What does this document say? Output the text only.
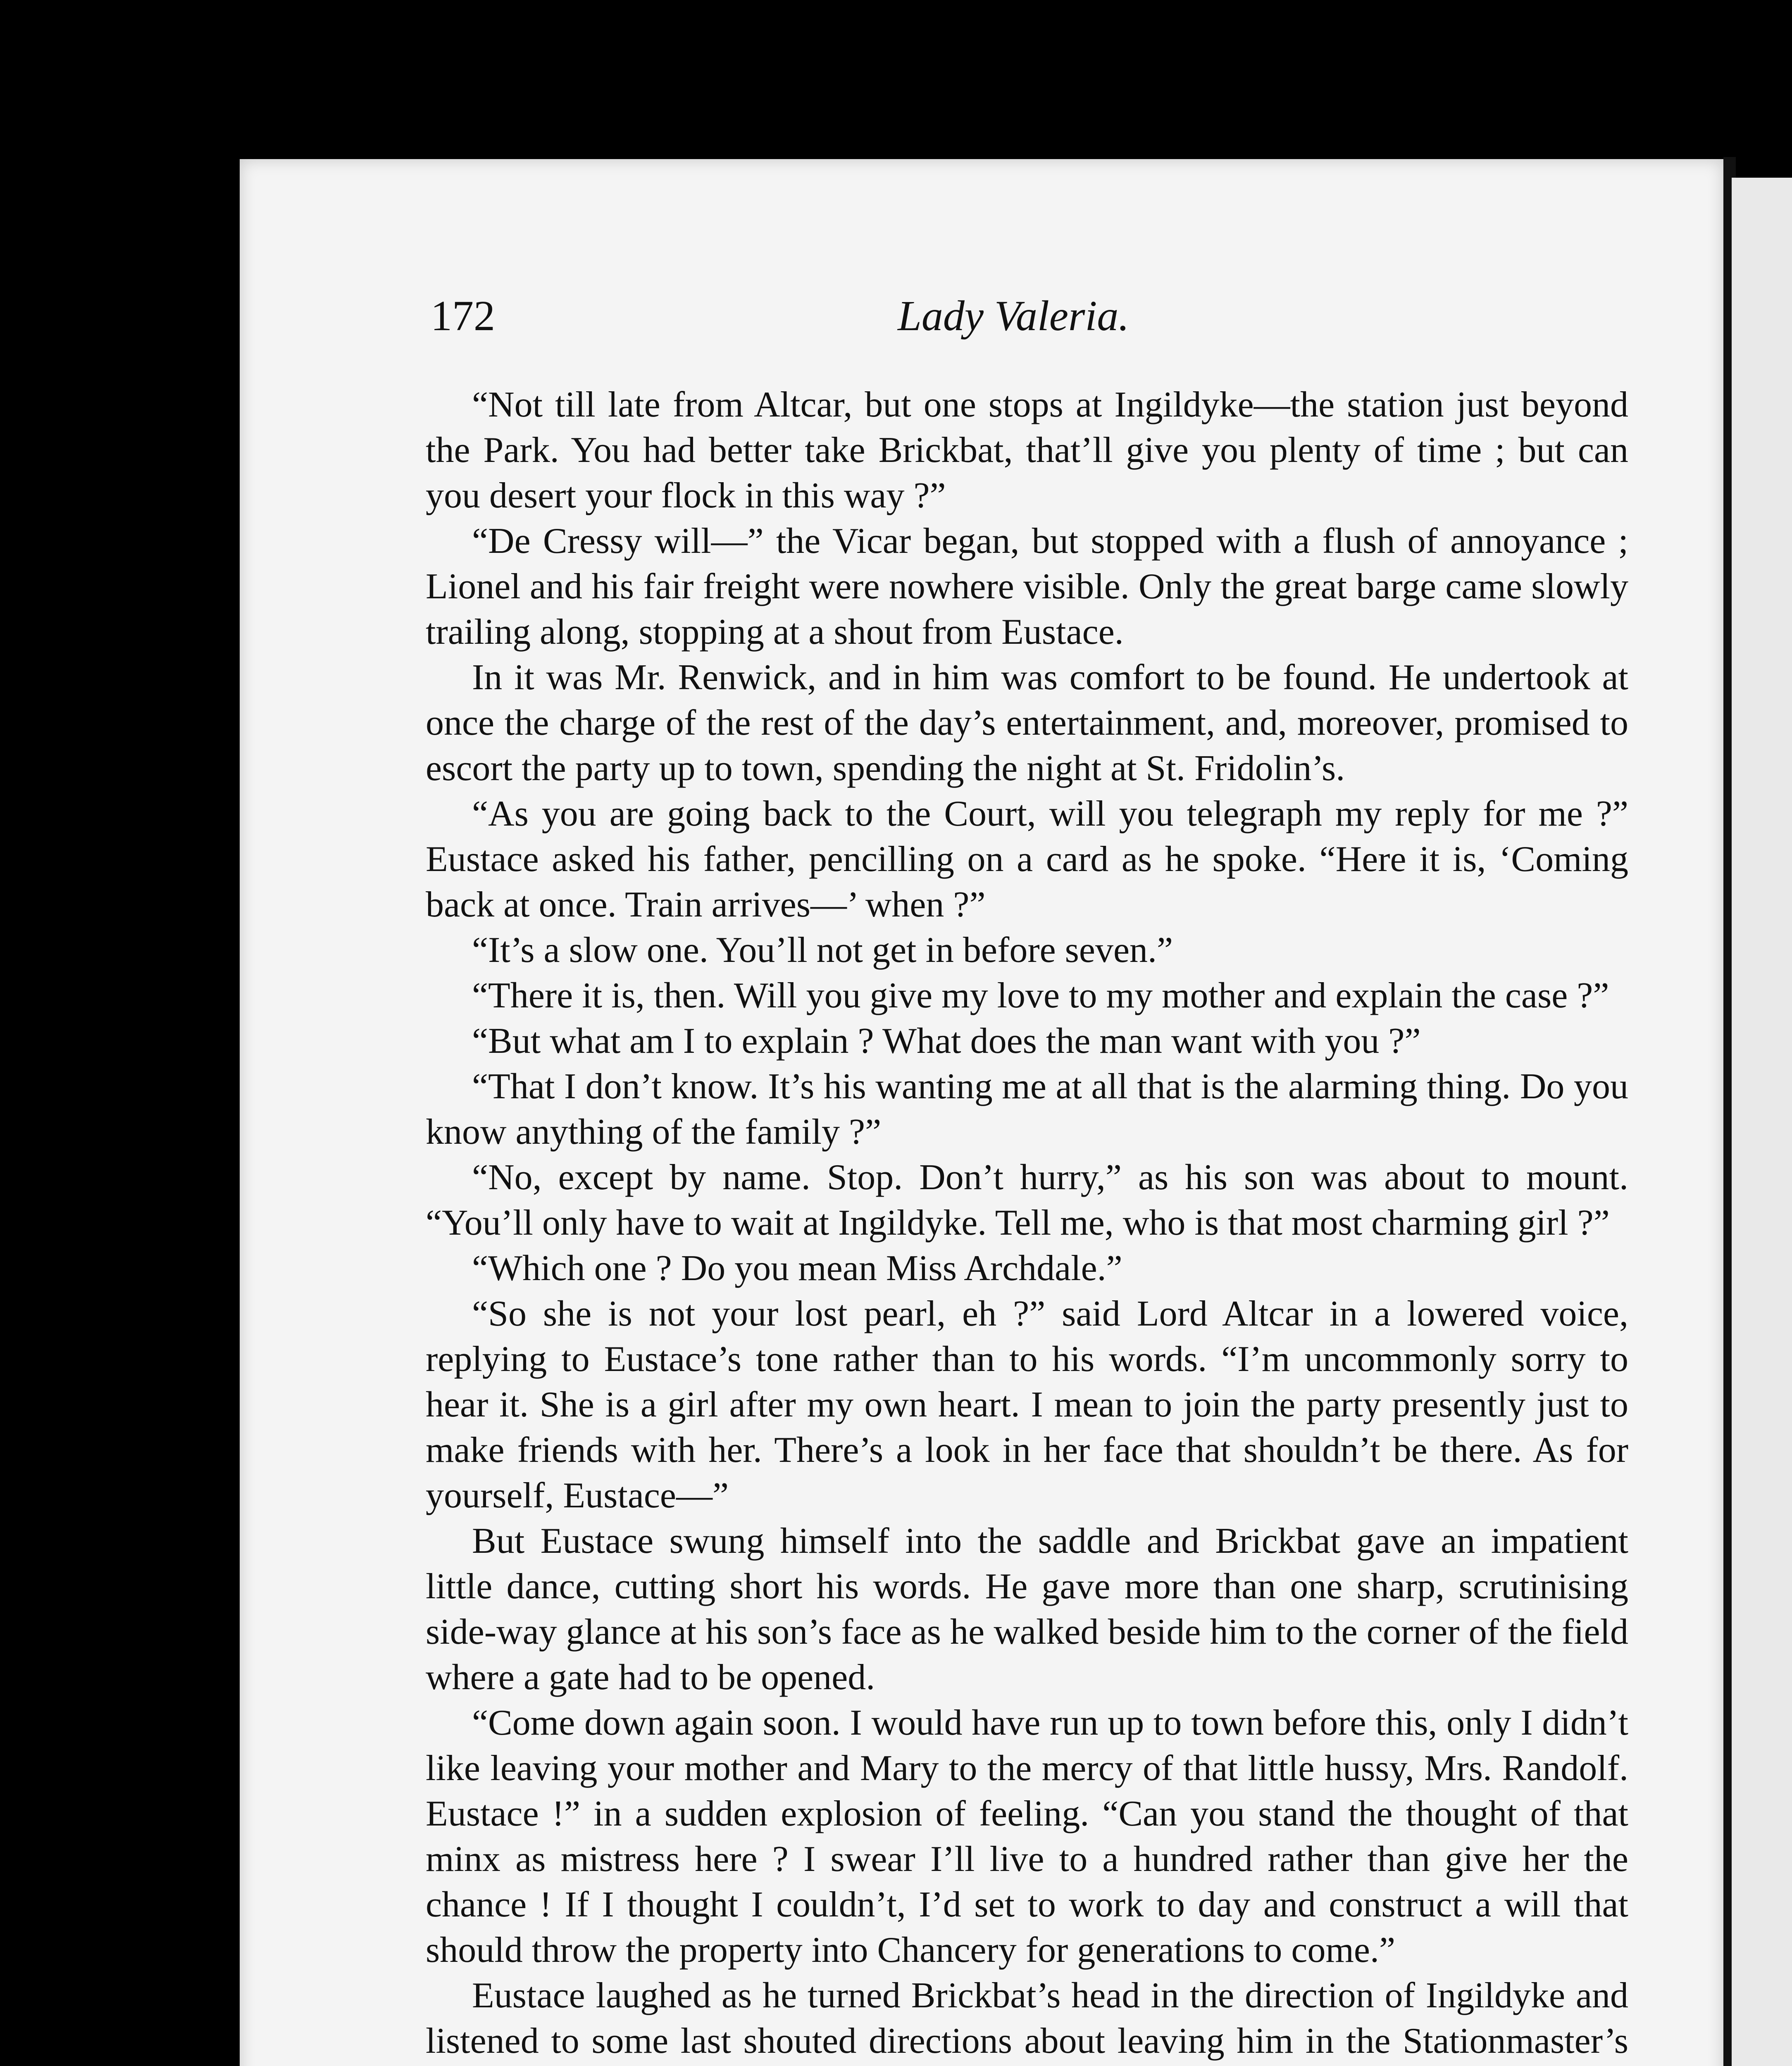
172	Lady Valeria.

“Not till late from Altcar, but one stops at Ingildyke—the station just beyond the Park. You had better take Brickbat, that’ll give you plenty of time ; but can you desert your flock in this way ?”

“De Cressy will—” the Vicar began, but stopped with a flush of annoyance ; Lionel and his fair freight were nowhere visible. Only the great barge came slowly trailing along, stopping at a shout from Eustace.

In it was Mr. Renwick, and in him was comfort to be found. He undertook at once the charge of the rest of the day’s entertainment, and, moreover, promised to escort the party up to town, spending the night at St. Fridolin’s.

“As you are going back to the Court, will you telegraph my reply for me ?” Eustace asked his father, pencilling on a card as he spoke. “Here it is, ‘Coming back at once. Train arrives—’ when ?”

“It’s a slow one. You’ll not get in before seven.”

“There it is, then. Will you give my love to my mother and explain the case ?”

“But what am I to explain ? What does the man want with you ?”

“That I don’t know. It’s his wanting me at all that is the alarming thing. Do you know anything of the family ?”

“No, except by name. Stop. Don’t hurry,” as his son was about to mount. “You’ll only have to wait at Ingildyke. Tell me, who is that most charming girl ?”

“Which one ? Do you mean Miss Archdale.”

“So she is not your lost pearl, eh ?” said Lord Altcar in a lowered voice, replying to Eustace’s tone rather than to his words. “I’m uncommonly sorry to hear it. She is a girl after my own heart. I mean to join the party presently just to make friends with her. There’s a look in her face that shouldn’t be there. As for yourself, Eustace—”

But Eustace swung himself into the saddle and Brickbat gave an impatient little dance, cutting short his words. He gave more than one sharp, scrutinising side-way glance at his son’s face as he walked beside him to the corner of the field where a gate had to be opened.

“Come down again soon. I would have run up to town before this, only I didn’t like leaving your mother and Mary to the mercy of that little hussy, Mrs. Randolf. Eustace !” in a sudden explosion of feeling. “Can you stand the thought of that minx as mistress here ? I swear I’ll live to a hundred rather than give her the chance ! If I thought I couldn’t, I’d set to work to day and construct a will that should throw the property into Chancery for generations to come.”

Eustace laughed as he turned Brickbat’s head in the direction of Ingildyke and listened to some last shouted directions about leaving him in the Stationmaster’s
